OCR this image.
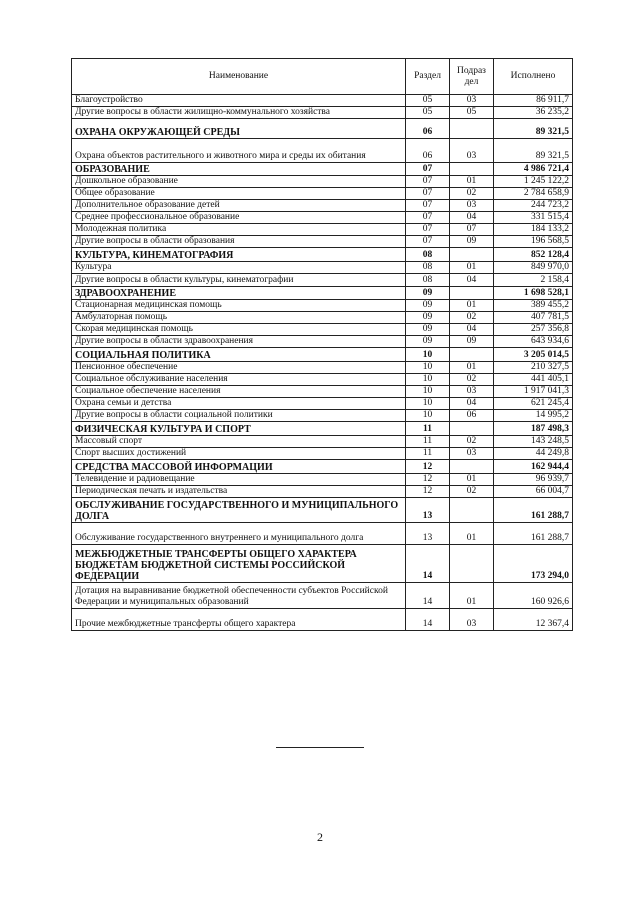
Наименование	Раздел	Подраз дел	Исполнено
Благоустройство	05	03	86 911,7
Другие вопросы в области жилищно-коммунального хозяйства	05	05	36 235,2
ОХРАНА ОКРУЖАЮЩЕЙ СРЕДЫ	06		89 321,5
Охрана объектов растительного и животного мира и среды их обитания	06	03	89 321,5
ОБРАЗОВАНИЕ	07		4 986 721,4
Дошкольное образование	07	01	1 245 122,2
Общее образование	07	02	2 784 658,9
Дополнительное образование детей	07	03	244 723,2
Среднее профессиональное образование	07	04	331 515,4
Молодежная политика	07	07	184 133,2
Другие вопросы в области образования	07	09	196 568,5
КУЛЬТУРА, КИНЕМАТОГРАФИЯ	08		852 128,4
Культура	08	01	849 970,0
Другие вопросы в области культуры, кинематографии	08	04	2 158,4
ЗДРАВООХРАНЕНИЕ	09		1 698 528,1
Стационарная медицинская помощь	09	01	389 455,2
Амбулаторная помощь	09	02	407 781,5
Скорая медицинская помощь	09	04	257 356,8
Другие вопросы в области здравоохранения	09	09	643 934,6
СОЦИАЛЬНАЯ ПОЛИТИКА	10		3 205 014,5
Пенсионное обеспечение	10	01	210 327,5
Социальное обслуживание населения	10	02	441 405,1
Социальное обеспечение населения	10	03	1 917 041,3
Охрана семьи и детства	10	04	621 245,4
Другие вопросы в области социальной политики	10	06	14 995,2
ФИЗИЧЕСКАЯ КУЛЬТУРА И СПОРТ	11		187 498,3
Массовый спорт	11	02	143 248,5
Спорт высших достижений	11	03	44 249,8
СРЕДСТВА МАССОВОЙ ИНФОРМАЦИИ	12		162 944,4
Телевидение и радиовещание	12	01	96 939,7
Периодическая печать и издательства	12	02	66 004,7
ОБСЛУЖИВАНИЕ ГОСУДАРСТВЕННОГО И МУНИЦИПАЛЬНОГО ДОЛГА	13		161 288,7
Обслуживание государственного внутреннего и муниципального долга	13	01	161 288,7
МЕЖБЮДЖЕТНЫЕ ТРАНСФЕРТЫ ОБЩЕГО ХАРАКТЕРА БЮДЖЕТАМ БЮДЖЕТНОЙ СИСТЕМЫ РОССИЙСКОЙ ФЕДЕРАЦИИ	14		173 294,0
Дотация на выравнивание бюджетной обеспеченности субъектов Российской Федерации и муниципальных образований	14	01	160 926,6
Прочие межбюджетные трансферты общего характера	14	03	12 367,4
2
